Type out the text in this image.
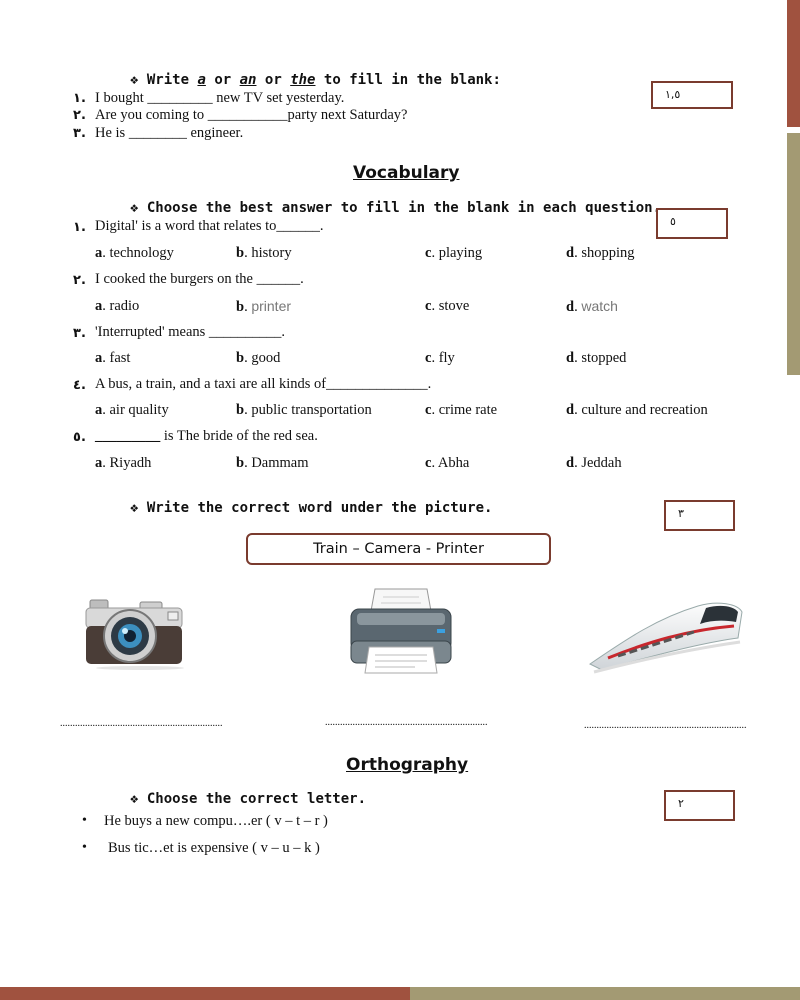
❖ Write a or an or the to fill in the blank:
١,٥
١. I bought _________ new TV set yesterday.
٢. Are you coming to ___________party next Saturday?
٣. He is ________ engineer.
Vocabulary
❖ Choose the best answer to fill in the blank in each question.
٥
١. Digital' is a word that relates to______.
a. technology	b. history	c. playing	d. shopping
٢. I cooked the burgers on the ______.
a. radio	b. printer	c. stove	d. watch
٣. 'Interrupted' means __________.
a. fast	b. good	c. fly	d. stopped
٤. A bus, a train, and a taxi are all kinds of______________.
a. air quality	b. public transportation	c. crime rate	d. culture and recreation
٥. _________ is The bride of the red sea.
a. Riyadh	b. Dammam	c. Abha	d. Jeddah
❖ Write the correct word under the picture.	٣
Train – Camera - Printer
.................................................................	.................................................................	.................................................................
Orthography
❖ Choose the correct letter.	٢
• He buys a new compu….er ( v – t – r )
• Bus tic…et is expensive ( v – u – k )
